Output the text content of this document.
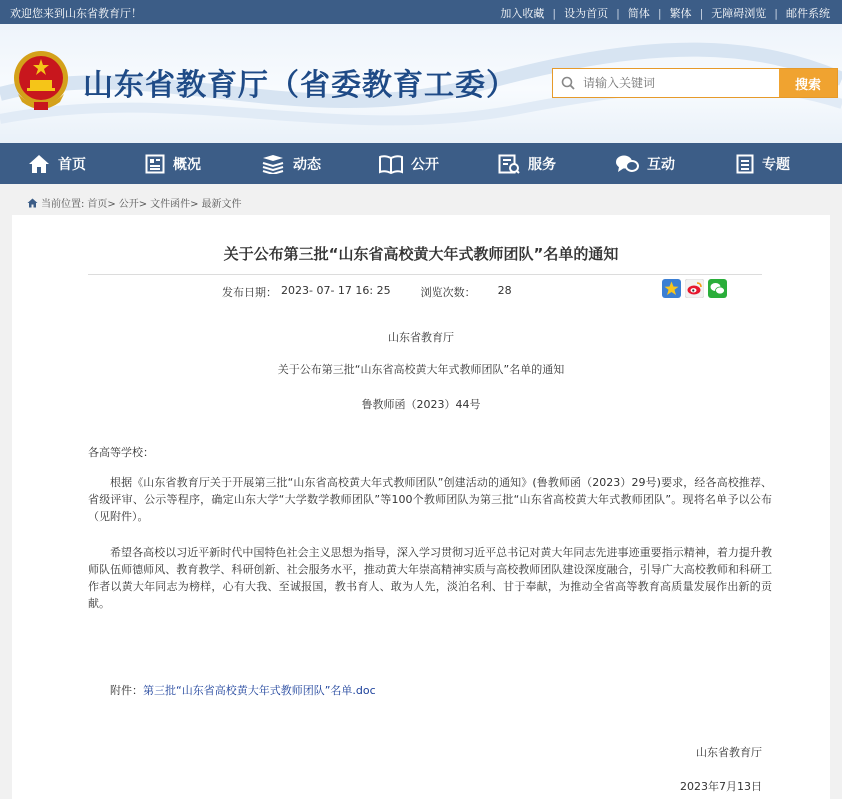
欢迎您来到山东省教育厅！	加入收藏 | 设为首页 | 简体 | 繁体 | 无障碍浏览 | 邮件系统
山东省教育厅（省委教育工委）
请输入关键词	搜索
首页	概况	动态	公开	服务	互动	专题
当前位置: 首页> 公开> 文件函件> 最新文件
关于公布第三批“山东省高校黄大年式教师团队”名单的通知
发布日期： 2023- 07- 17 16: 25	浏览次数： 28
山东省教育厅
关于公布第三批“山东省高校黄大年式教师团队”名单的通知
鲁教师函（2023）44号
各高等学校：
根据《山东省教育厅关于开展第三批“山东省高校黄大年式教师团队”创建活动的通知》(鲁教师函（2023）29号)要求，经各高校推荐、省级评审、公示等程序，确定山东大学“大学数学教师团队”等100个教师团队为第三批“山东省高校黄大年式教师团队”。现将名单予以公布（见附件）。
希望各高校以习近平新时代中国特色社会主义思想为指导，深入学习贯彻习近平总书记对黄大年同志先进事迹重要指示精神，着力提升教师队伍师德师风、教育教学、科研创新、社会服务水平，推动黄大年崇高精神实质与高校教师团队建设深度融合，引导广大高校教师和科研工作者以黄大年同志为榜样，心有大我、至诚报国，教书育人、敢为人先，淡泊名利、甘于奉献，为推动全省高等教育高质量发展作出新的贡献。
附件：第三批“山东省高校黄大年式教师团队”名单.doc
山东省教育厅
2023年7月13日
